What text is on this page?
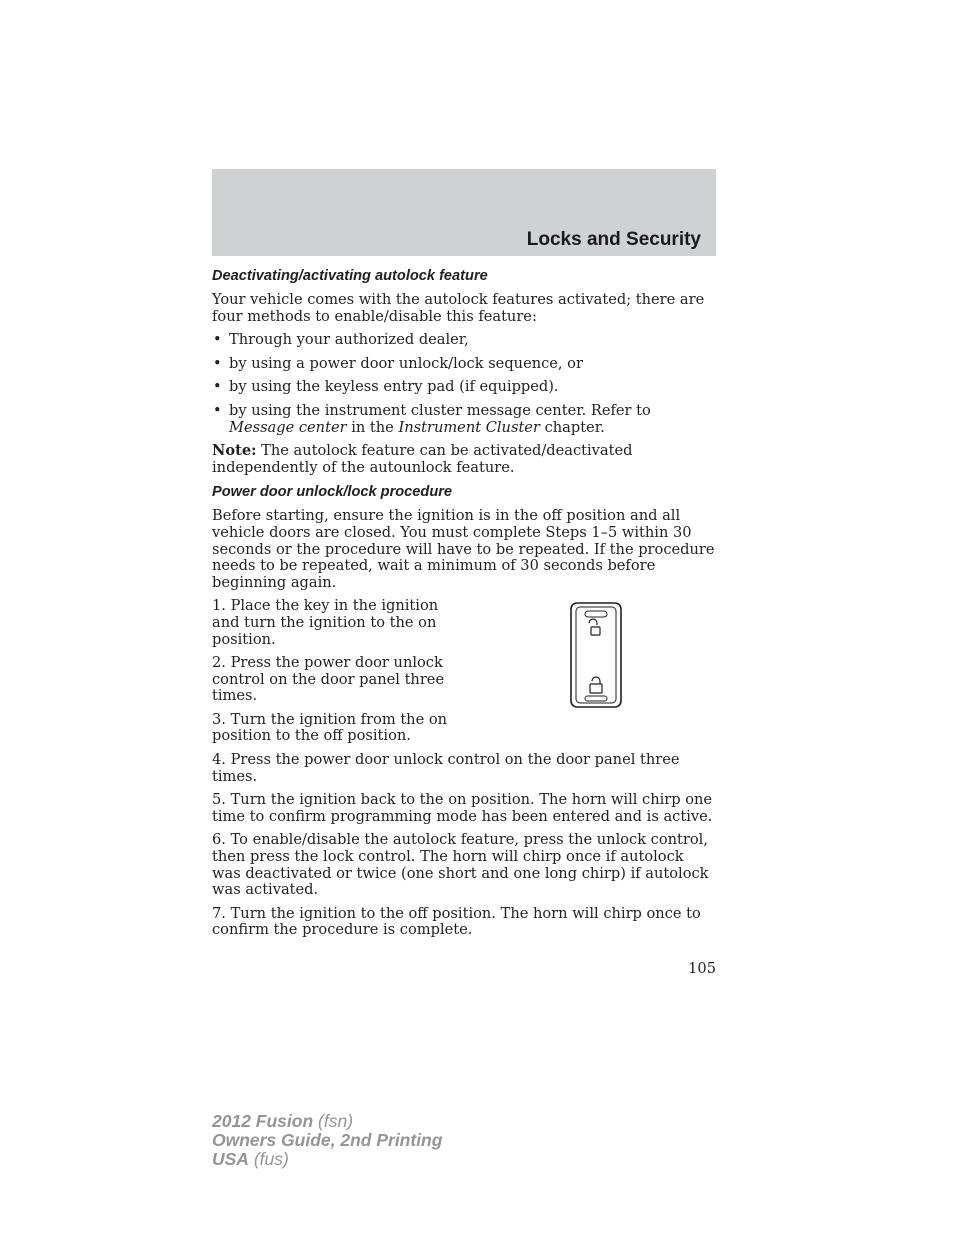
Locks and Security
Deactivating/activating autolock feature

Your vehicle comes with the autolock features activated; there are four methods to enable/disable this feature:

• Through your authorized dealer,
• by using a power door unlock/lock sequence, or
• by using the keyless entry pad (if equipped).
• by using the instrument cluster message center. Refer to Message center in the Instrument Cluster chapter.

Note: The autolock feature can be activated/deactivated independently of the autounlock feature.

Power door unlock/lock procedure

Before starting, ensure the ignition is in the off position and all vehicle doors are closed. You must complete Steps 1–5 within 30 seconds or the procedure will have to be repeated. If the procedure needs to be repeated, wait a minimum of 30 seconds before beginning again.

1. Place the key in the ignition and turn the ignition to the on position.

2. Press the power door unlock control on the door panel three times.

3. Turn the ignition from the on position to the off position.

4. Press the power door unlock control on the door panel three times.

5. Turn the ignition back to the on position. The horn will chirp one time to confirm programming mode has been entered and is active.

6. To enable/disable the autolock feature, press the unlock control, then press the lock control. The horn will chirp once if autolock was deactivated or twice (one short and one long chirp) if autolock was activated.

7. Turn the ignition to the off position. The horn will chirp once to confirm the procedure is complete.

105

2012 Fusion (fsn)
Owners Guide, 2nd Printing
USA (fus)
